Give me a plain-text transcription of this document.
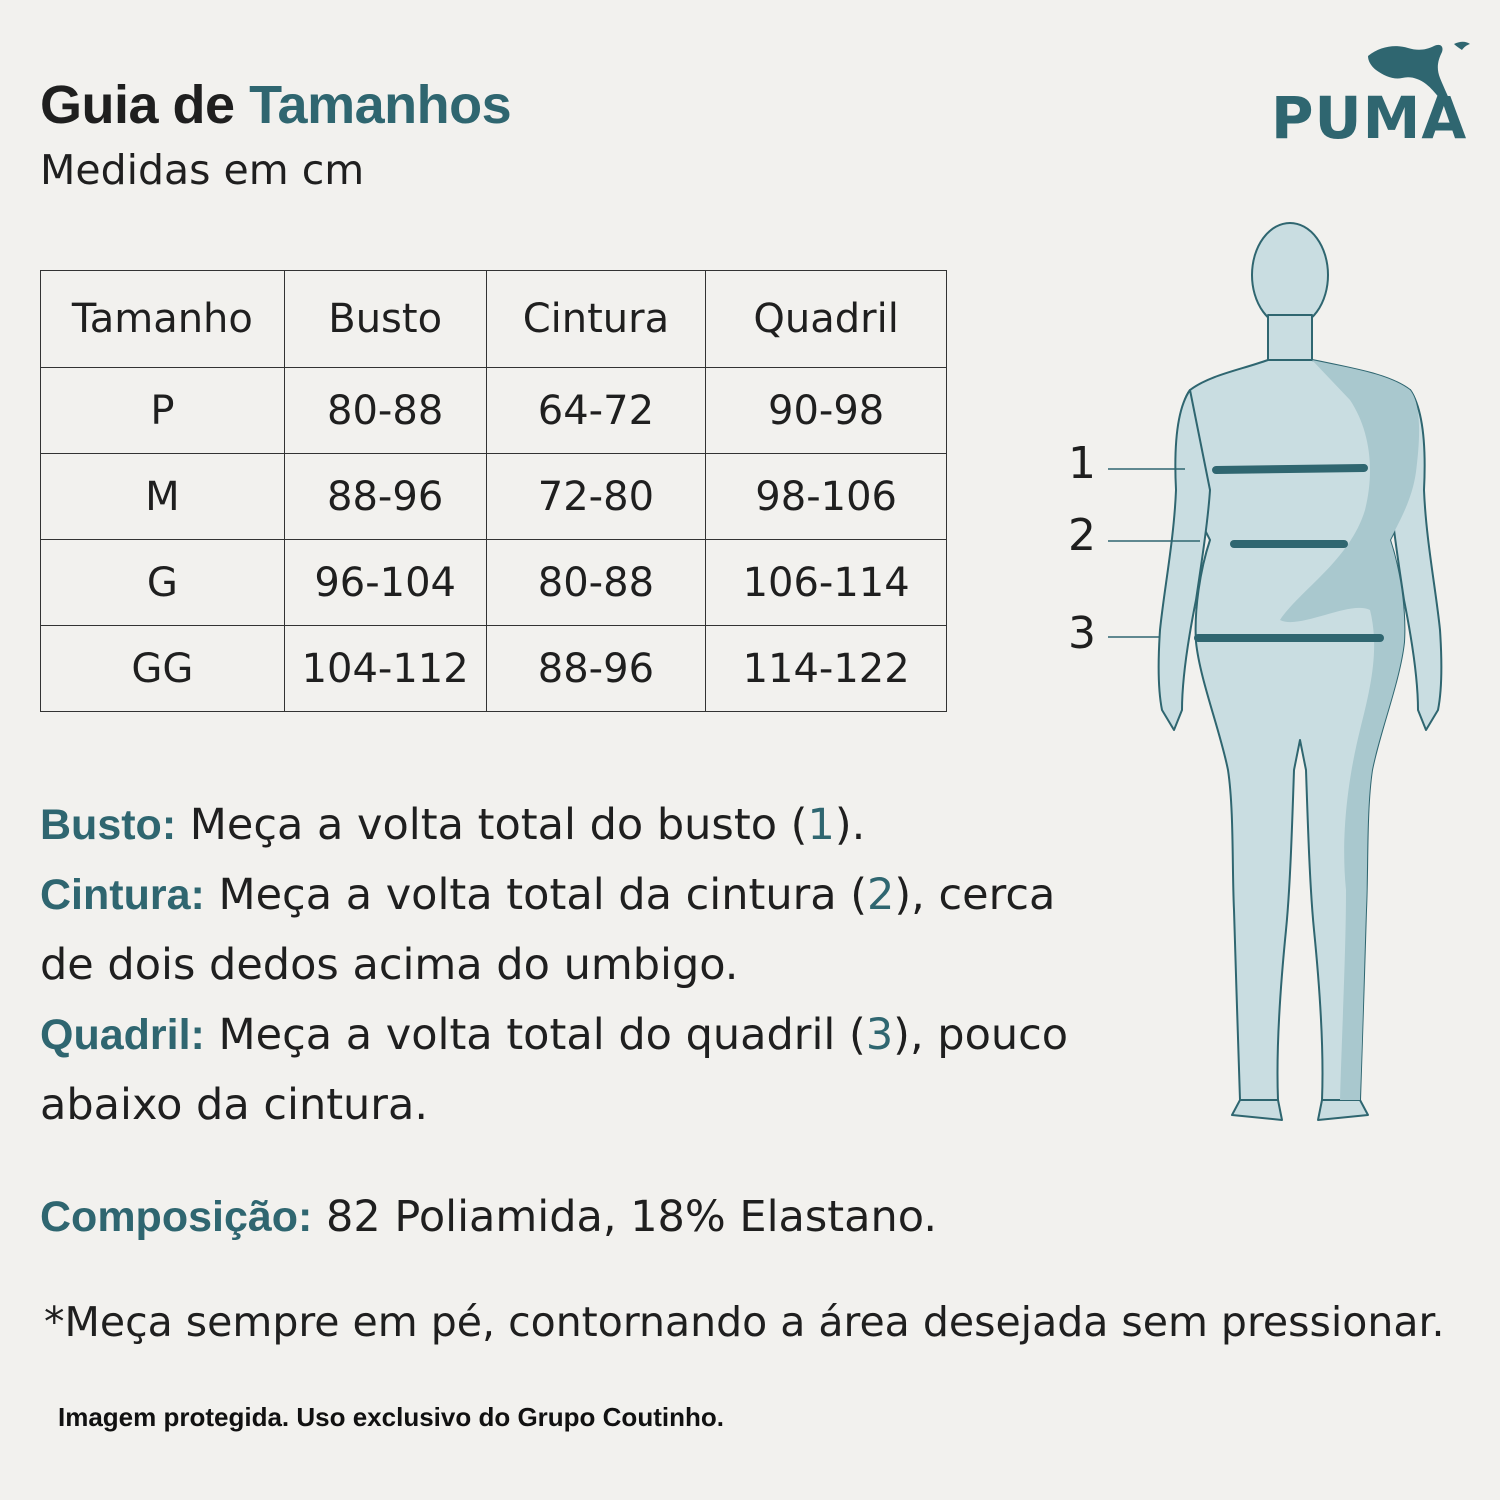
Guia de Tamanhos
Medidas em cm
PUMA
Tamanho	Busto	Cintura	Quadril
P	80-88	64-72	90-98
M	88-96	72-80	98-106
G	96-104	80-88	106-114
GG	104-112	88-96	114-122
1
2
3
Busto: Meça a volta total do busto (1).
Cintura: Meça a volta total da cintura (2), cerca de dois dedos acima do umbigo.
Quadril: Meça a volta total do quadril (3), pouco abaixo da cintura.
Composição: 82 Poliamida, 18% Elastano.
*Meça sempre em pé, contornando a área desejada sem pressionar.
Imagem protegida. Uso exclusivo do Grupo Coutinho.
